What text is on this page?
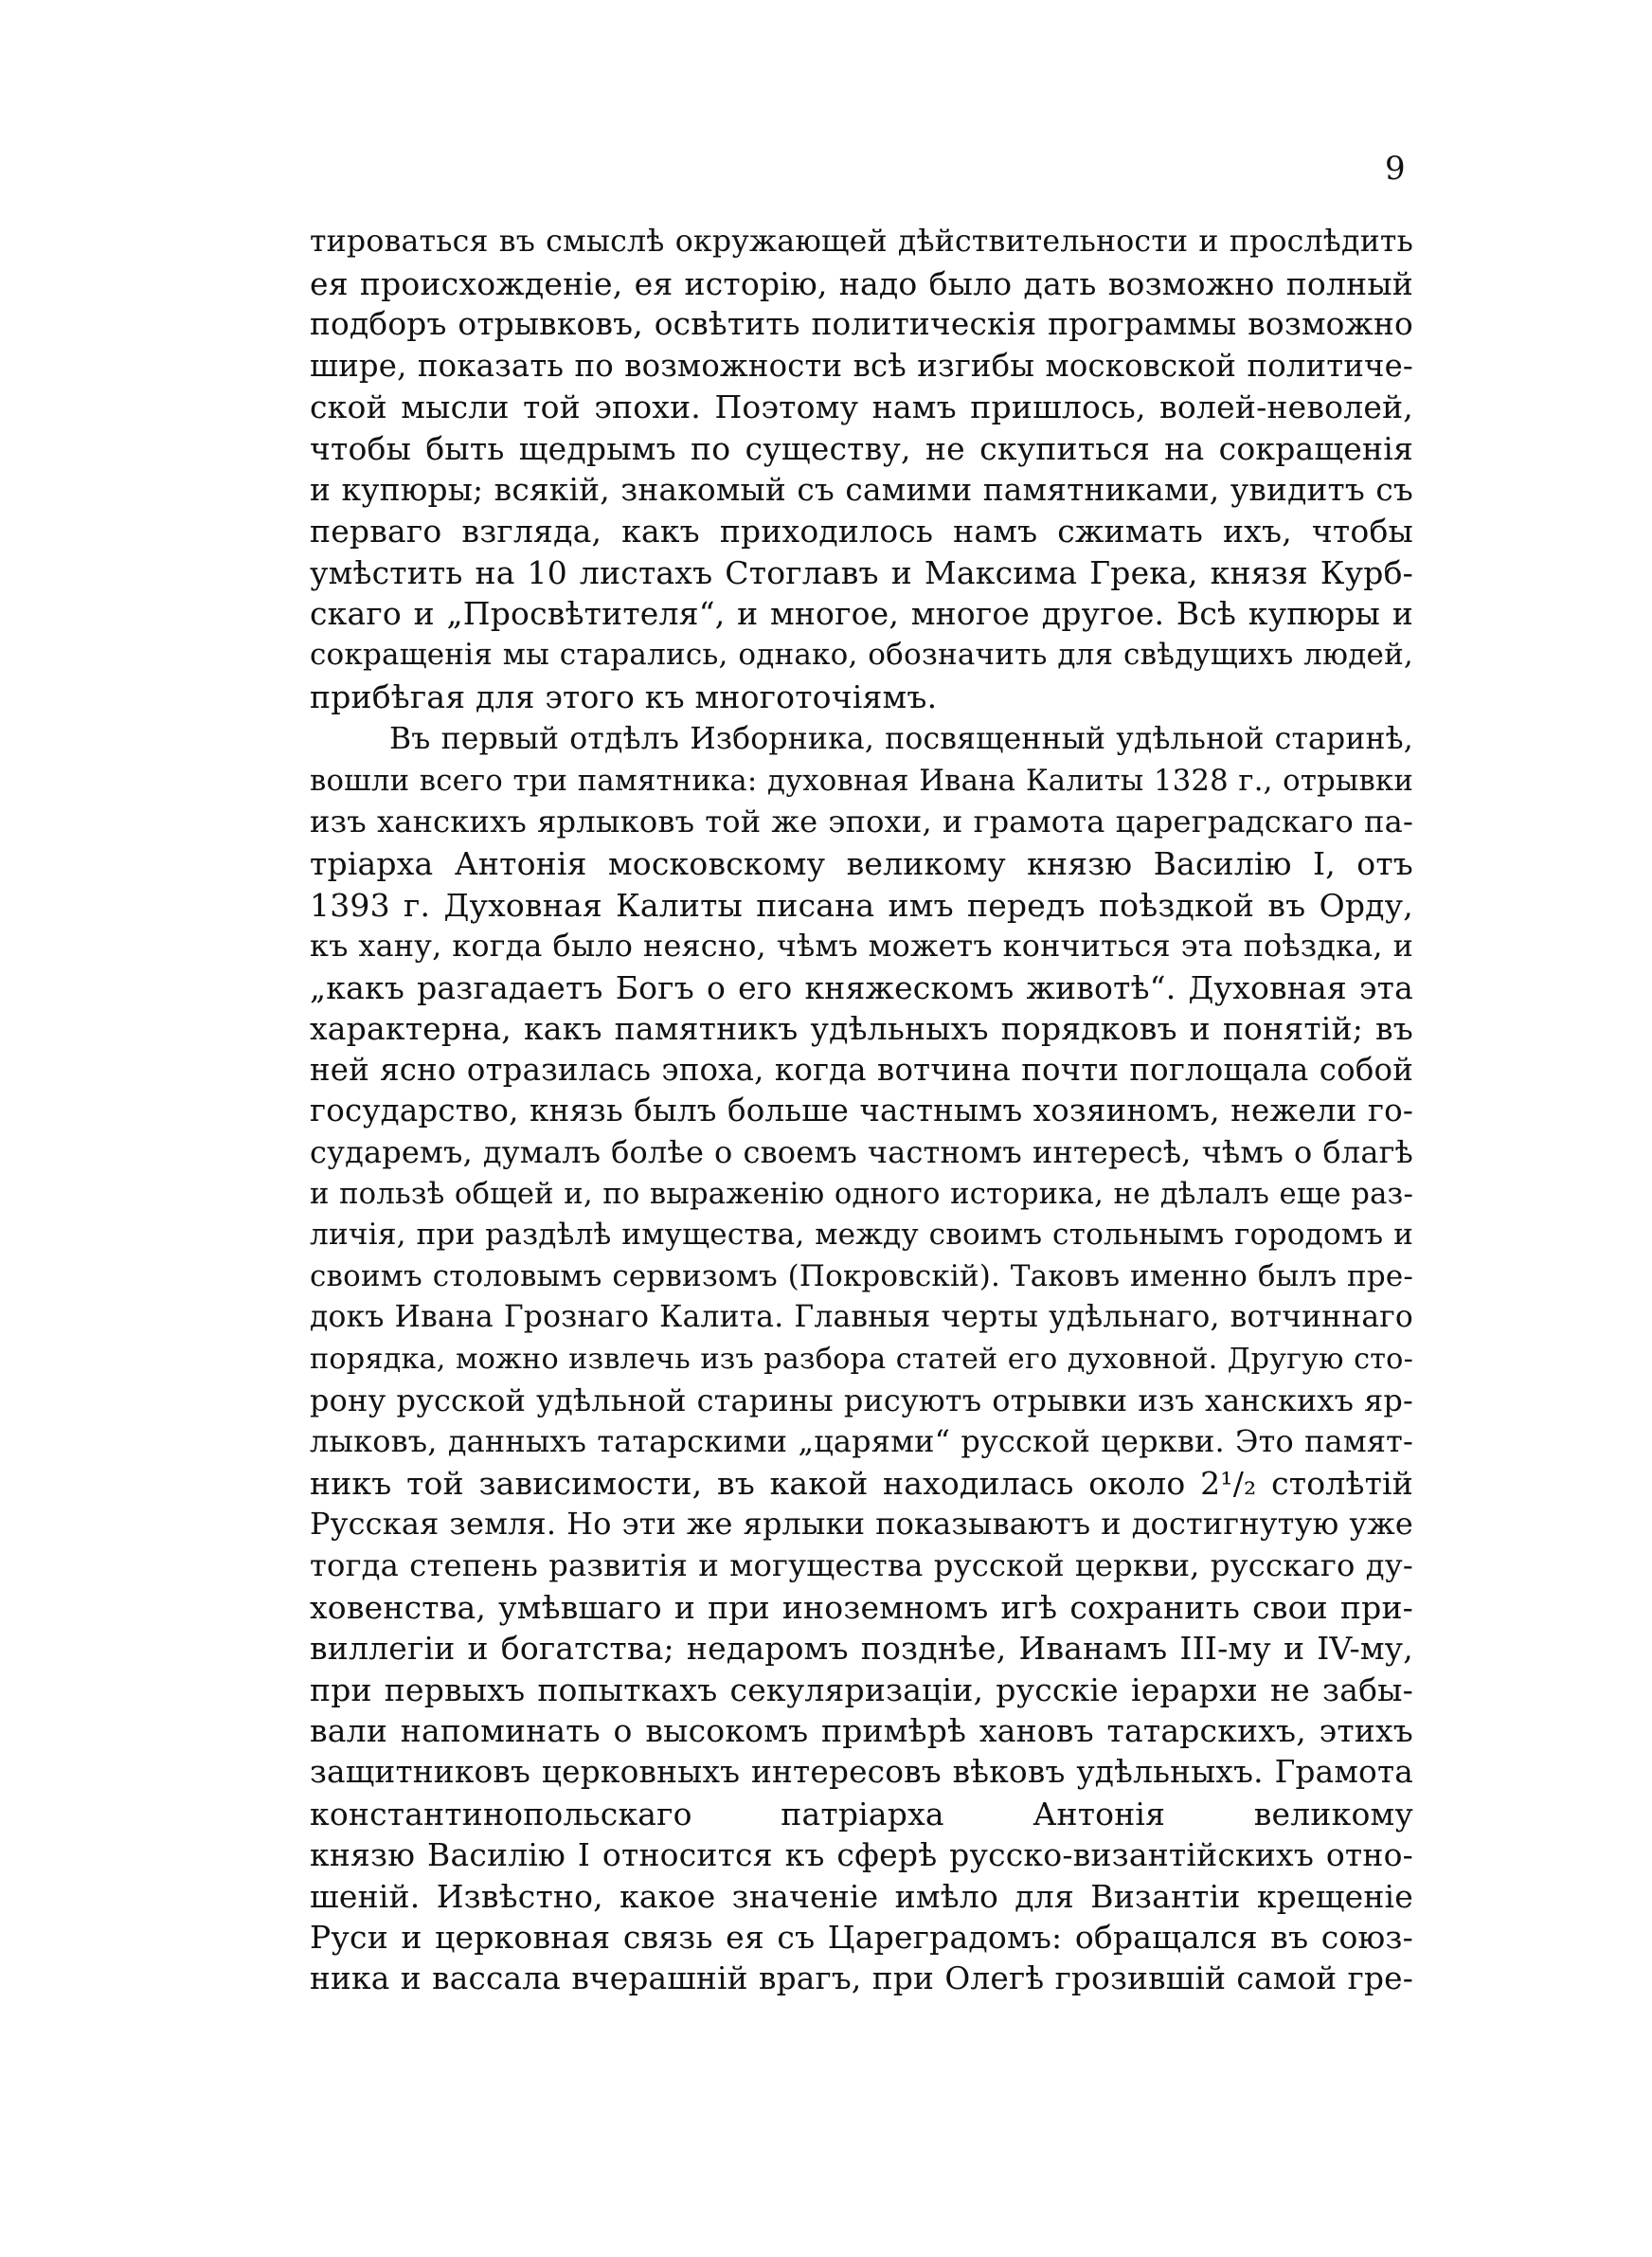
9
тироваться въ смыслѣ окружающей дѣйствительности и прослѣдить
ея происхожденіе, ея исторію, надо было дать возможно полный
подборъ отрывковъ, освѣтить политическія программы возможно
шире, показать по возможности всѣ изгибы московской политиче-
ской мысли той эпохи. Поэтому намъ пришлось, волей-неволей,
чтобы быть щедрымъ по существу, не скупиться на сокращенія
и купюры; всякій, знакомый съ самими памятниками, увидитъ съ
перваго взгляда, какъ приходилось намъ сжимать ихъ, чтобы
умѣстить на 10 листахъ Стоглавъ и Максима Грека, князя Курб-
скаго и „Просвѣтителя“, и многое, многое другое. Всѣ купюры и
сокращенія мы старались, однако, обозначить для свѣдущихъ людей,
прибѣгая для этого къ многоточіямъ.
Въ первый отдѣлъ Изборника, посвященный удѣльной старинѣ,
вошли всего три памятника: духовная Ивана Калиты 1328 г., отрывки
изъ ханскихъ ярлыковъ той же эпохи, и грамота цареградскаго па-
тріарха Антонія московскому великому князю Василію I, отъ
1393 г. Духовная Калиты писана имъ передъ поѣздкой въ Орду,
къ хану, когда было неясно, чѣмъ можетъ кончиться эта поѣздка, и
„какъ разгадаетъ Богъ о его княжескомъ животѣ“. Духовная эта
характерна, какъ памятникъ удѣльныхъ порядковъ и понятій; въ
ней ясно отразилась эпоха, когда вотчина почти поглощала собой
государство, князь былъ больше частнымъ хозяиномъ, нежели го-
сударемъ, думалъ болѣе о своемъ частномъ интересѣ, чѣмъ о благѣ
и пользѣ общей и, по выраженію одного историка, не дѣлалъ еще раз-
личія, при раздѣлѣ имущества, между своимъ стольнымъ городомъ и
своимъ столовымъ сервизомъ (Покровскій). Таковъ именно былъ пре-
докъ Ивана Грознаго Калита. Главныя черты удѣльнаго, вотчиннаго
порядка, можно извлечь изъ разбора статей его духовной. Другую сто-
рону русской удѣльной старины рисуютъ отрывки изъ ханскихъ яр-
лыковъ, данныхъ татарскими „царями“ русской церкви. Это памят-
никъ той зависимости, въ какой находилась около 2¹/₂ столѣтій
Русская земля. Но эти же ярлыки показываютъ и достигнутую уже
тогда степень развитія и могущества русской церкви, русскаго ду-
ховенства, умѣвшаго и при иноземномъ игѣ сохранить свои при-
виллегіи и богатства; недаромъ позднѣе, Иванамъ III-му и IV-му,
при первыхъ попыткахъ секуляризаціи, русскіе іерархи не забы-
вали напоминать о высокомъ примѣрѣ хановъ татарскихъ, этихъ
защитниковъ церковныхъ интересовъ вѣковъ удѣльныхъ. Грамота
константинопольскаго патріарха Антонія великому
князю Василію I относится къ сферѣ русско-византійскихъ отно-
шеній. Извѣстно, какое значеніе имѣло для Византіи крещеніе
Руси и церковная связь ея съ Цареградомъ: обращался въ союз-
ника и вассала вчерашній врагъ, при Олегѣ грозившій самой гре-
